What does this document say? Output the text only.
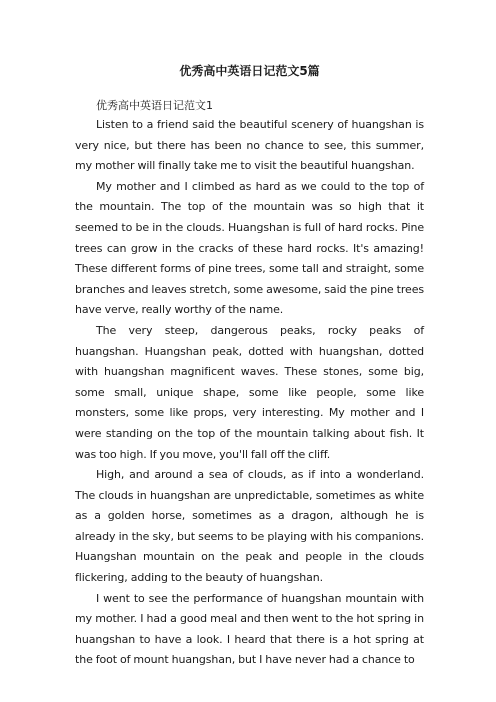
优秀高中英语日记范文5篇
优秀高中英语日记范文1

Listen to a friend said the beautiful scenery of huangshan is very nice, but there has been no chance to see, this summer, my mother will finally take me to visit the beautiful huangshan.

My mother and I climbed as hard as we could to the top of the mountain. The top of the mountain was so high that it seemed to be in the clouds. Huangshan is full of hard rocks. Pine trees can grow in the cracks of these hard rocks. It's amazing! These different forms of pine trees, some tall and straight, some branches and leaves stretch, some awesome, said the pine trees have verve, really worthy of the name.

The very steep, dangerous peaks, rocky peaks of huangshan. Huangshan peak, dotted with huangshan, dotted with huangshan magnificent waves. These stones, some big, some small, unique shape, some like people, some like monsters, some like props, very interesting. My mother and I were standing on the top of the mountain talking about fish. It was too high. If you move, you'll fall off the cliff.

High, and around a sea of clouds, as if into a wonderland. The clouds in huangshan are unpredictable, sometimes as white as a golden horse, sometimes as a dragon, although he is already in the sky, but seems to be playing with his companions. Huangshan mountain on the peak and people in the clouds flickering, adding to the beauty of huangshan.

I went to see the performance of huangshan mountain with my mother. I had a good meal and then went to the hot spring in huangshan to have a look. I heard that there is a hot spring at the foot of mount huangshan, but I have never had a chance to
